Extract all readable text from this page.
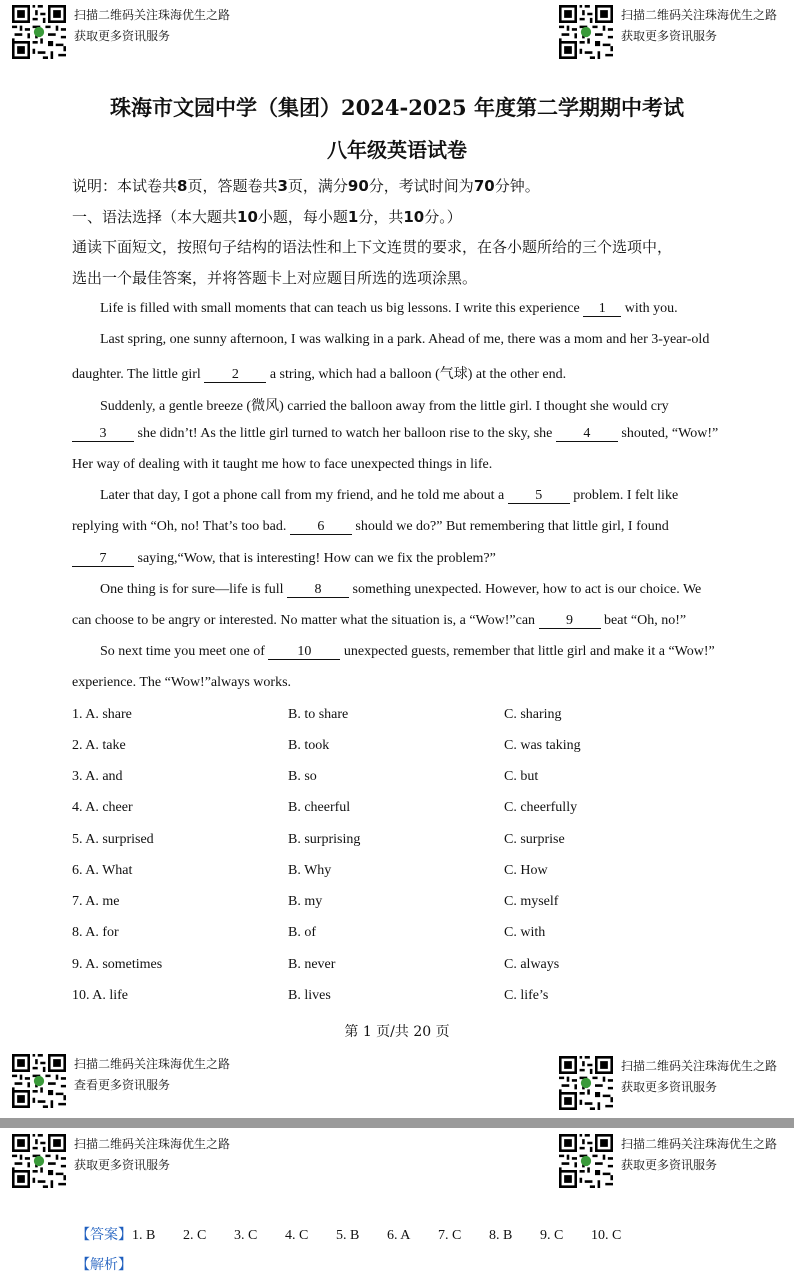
扫描二维码关注珠海优生之路
获取更多资讯服务
扫描二维码关注珠海优生之路
获取更多资讯服务
珠海市文园中学（集团）2024-2025 年度第二学期期中考试
八年级英语试卷
说明：本试卷共8页，答题卷共3页，满分90分，考试时间为70分钟。
一、语法选择（本大题共10小题，每小题1分，共10分。）
通读下面短文，按照句子结构的语法性和上下文连贯的要求，在各小题所给的三个选项中，
选出一个最佳答案，并将答题卡上对应题目所选的选项涂黑。
Life is filled with small moments that can teach us big lessons. I write this experience 1 with you.
Last spring, one sunny afternoon, I was walking in a park. Ahead of me, there was a mom and her 3-year-old
daughter. The little girl 2 a string, which had a balloon (气球) at the other end.
Suddenly, a gentle breeze (微风) carried the balloon away from the little girl. I thought she would cry
3 she didn’t! As the little girl turned to watch her balloon rise to the sky, she 4 shouted, “Wow!”
Her way of dealing with it taught me how to face unexpected things in life.
Later that day, I got a phone call from my friend, and he told me about a 5 problem. I felt like
replying with “Oh, no! That’s too bad. 6 should we do?” But remembering that little girl, I found
7 saying,“Wow, that is interesting! How can we fix the problem?”
One thing is for sure—life is full 8 something unexpected. However, how to act is our choice. We
can choose to be angry or interested. No matter what the situation is, a “Wow!”can 9 beat “Oh, no!”
So next time you meet one of 10 unexpected guests, remember that little girl and make it a “Wow!”
experience. The “Wow!”always works.
1. A. share	B. to share	C. sharing
2. A. take	B. took	C. was taking
3. A. and	B. so	C. but
4. A. cheer	B. cheerful	C. cheerfully
5. A. surprised	B. surprising	C. surprise
6. A. What	B. Why	C. How
7. A. me	B. my	C. myself
8. A. for	B. of	C. with
9. A. sometimes	B. never	C. always
10. A. life	B. lives	C. life’s
第 1 页/共 20 页
扫描二维码关注珠海优生之路
查看更多资讯服务
扫描二维码关注珠海优生之路
获取更多资讯服务
扫描二维码关注珠海优生之路
获取更多资讯服务
扫描二维码关注珠海优生之路
获取更多资讯服务
【答案】1. B 2. C 3. C 4. C 5. B 6. A 7. C 8. B 9. C 10. C
【解析】
